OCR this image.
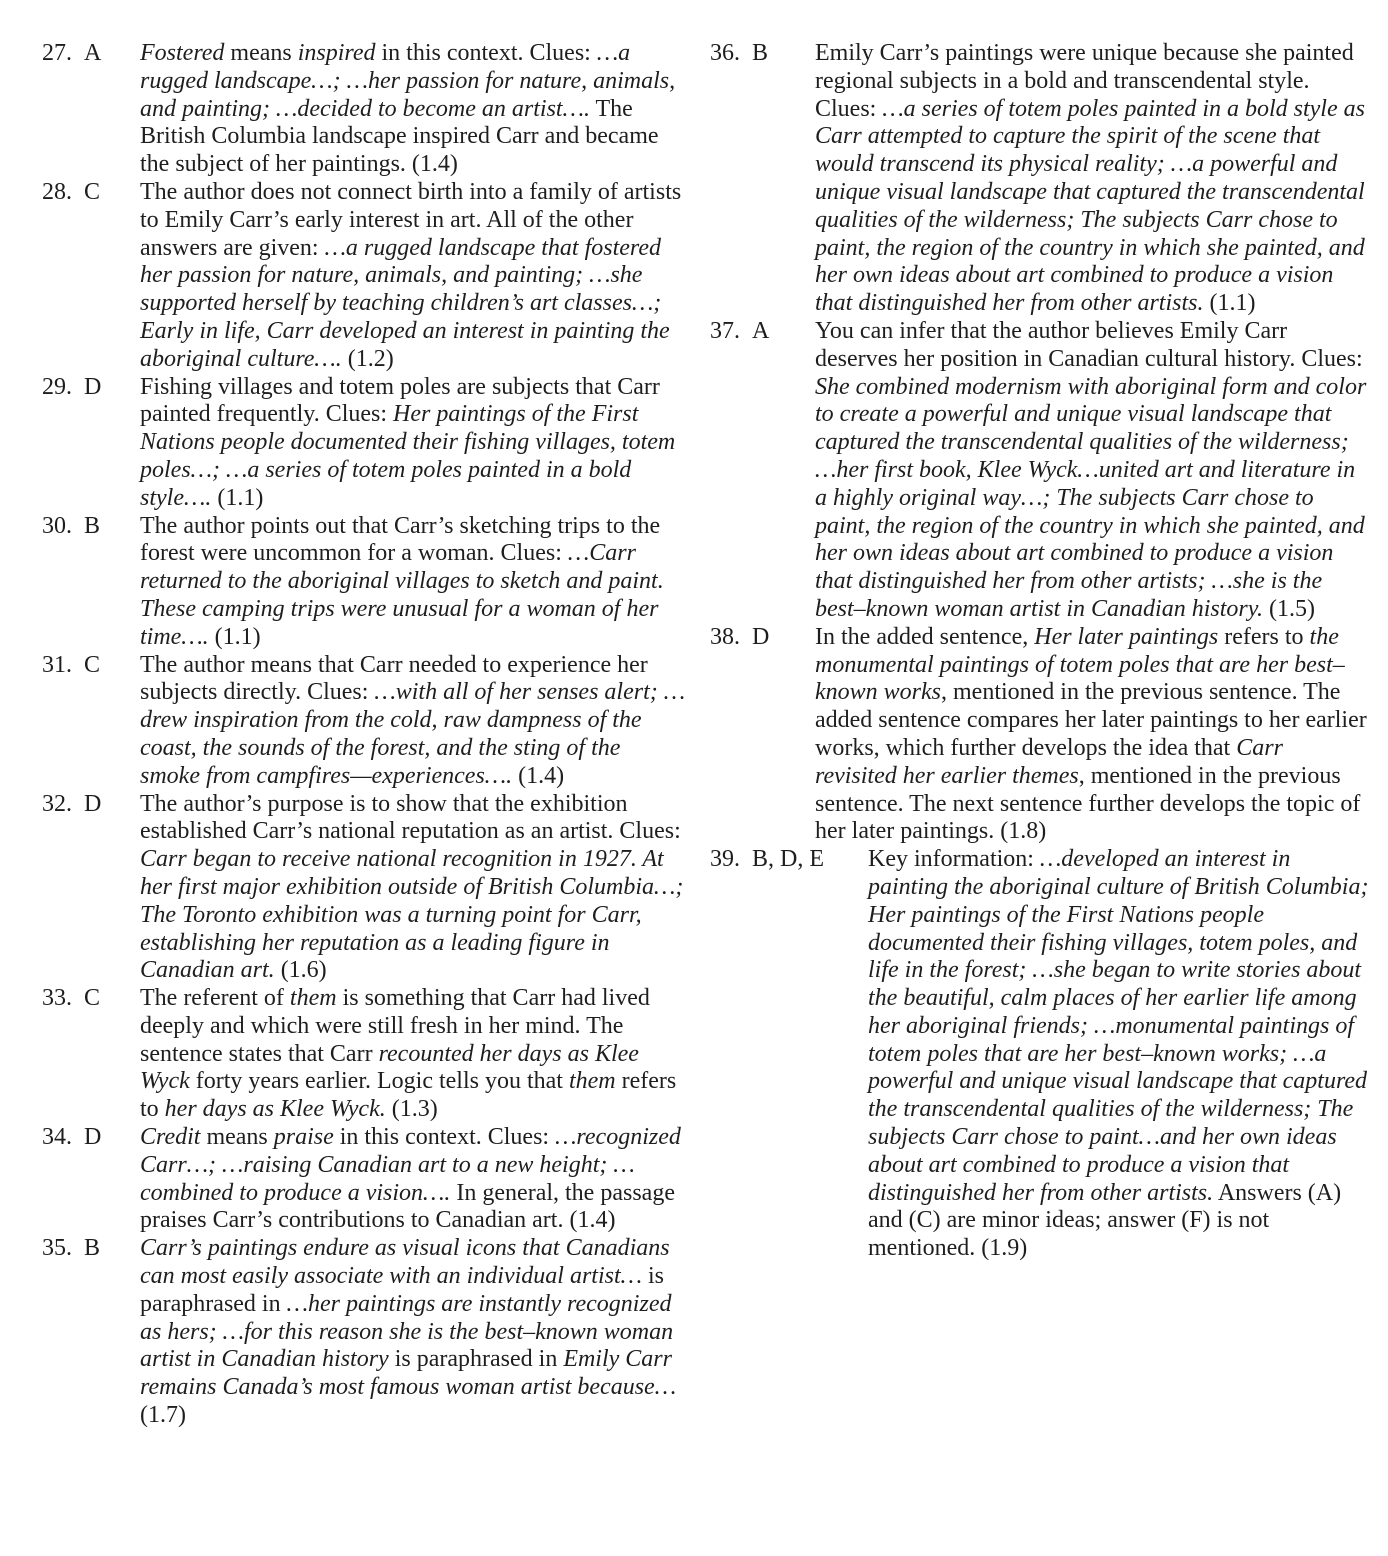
27. A Fostered means inspired in this context. Clues: …a rugged landscape…; …her passion for nature, animals, and painting; …decided to become an artist…. The British Columbia landscape inspired Carr and became the subject of her paintings. (1.4)
28. C The author does not connect birth into a family of artists to Emily Carr’s early interest in art. All of the other answers are given: …a rugged landscape that fostered her passion for nature, animals, and painting; …she supported herself by teaching children’s art classes…; Early in life, Carr developed an interest in painting the aboriginal culture…. (1.2)
29. D Fishing villages and totem poles are subjects that Carr painted frequently. Clues: Her paintings of the First Nations people documented their fishing villages, totem poles…; …a series of totem poles painted in a bold style…. (1.1)
30. B The author points out that Carr’s sketching trips to the forest were uncommon for a woman. Clues: …Carr returned to the aboriginal villages to sketch and paint. These camping trips were unusual for a woman of her time…. (1.1)
31. C The author means that Carr needed to experience her subjects directly. Clues: …with all of her senses alert; …drew inspiration from the cold, raw dampness of the coast, the sounds of the forest, and the sting of the smoke from campfires—experiences…. (1.4)
32. D The author’s purpose is to show that the exhibition established Carr’s national reputation as an artist. Clues: Carr began to receive national recognition in 1927. At her first major exhibition outside of British Columbia…; The Toronto exhibition was a turning point for Carr, establishing her reputation as a leading figure in Canadian art. (1.6)
33. C The referent of them is something that Carr had lived deeply and which were still fresh in her mind. The sentence states that Carr recounted her days as Klee Wyck forty years earlier. Logic tells you that them refers to her days as Klee Wyck. (1.3)
34. D Credit means praise in this context. Clues: …recognized Carr…; …raising Canadian art to a new height; …combined to produce a vision…. In general, the passage praises Carr’s contributions to Canadian art. (1.4)
35. B Carr’s paintings endure as visual icons that Canadians can most easily associate with an individual artist… is paraphrased in …her paintings are instantly recognized as hers; …for this reason she is the best–known woman artist in Canadian history is paraphrased in Emily Carr remains Canada’s most famous woman artist because… (1.7)
36. B Emily Carr’s paintings were unique because she painted regional subjects in a bold and transcendental style. Clues: …a series of totem poles painted in a bold style as Carr attempted to capture the spirit of the scene that would transcend its physical reality; …a powerful and unique visual landscape that captured the transcendental qualities of the wilderness; The subjects Carr chose to paint, the region of the country in which she painted, and her own ideas about art combined to produce a vision that distinguished her from other artists. (1.1)
37. A You can infer that the author believes Emily Carr deserves her position in Canadian cultural history. Clues: She combined modernism with aboriginal form and color to create a powerful and unique visual landscape that captured the transcendental qualities of the wilderness; …her first book, Klee Wyck…united art and literature in a highly original way…; The subjects Carr chose to paint, the region of the country in which she painted, and her own ideas about art combined to produce a vision that distinguished her from other artists; …she is the best–known woman artist in Canadian history. (1.5)
38. D In the added sentence, Her later paintings refers to the monumental paintings of totem poles that are her best–known works, mentioned in the previous sentence. The added sentence compares her later paintings to her earlier works, which further develops the idea that Carr revisited her earlier themes, mentioned in the previous sentence. The next sentence further develops the topic of her later paintings. (1.8)
39. B, D, E Key information: …developed an interest in painting the aboriginal culture of British Columbia; Her paintings of the First Nations people documented their fishing villages, totem poles, and life in the forest; …she began to write stories about the beautiful, calm places of her earlier life among her aboriginal friends; …monumental paintings of totem poles that are her best–known works; …a powerful and unique visual landscape that captured the transcendental qualities of the wilderness; The subjects Carr chose to paint…and her own ideas about art combined to produce a vision that distinguished her from other artists. Answers (A) and (C) are minor ideas; answer (F) is not mentioned. (1.9)
